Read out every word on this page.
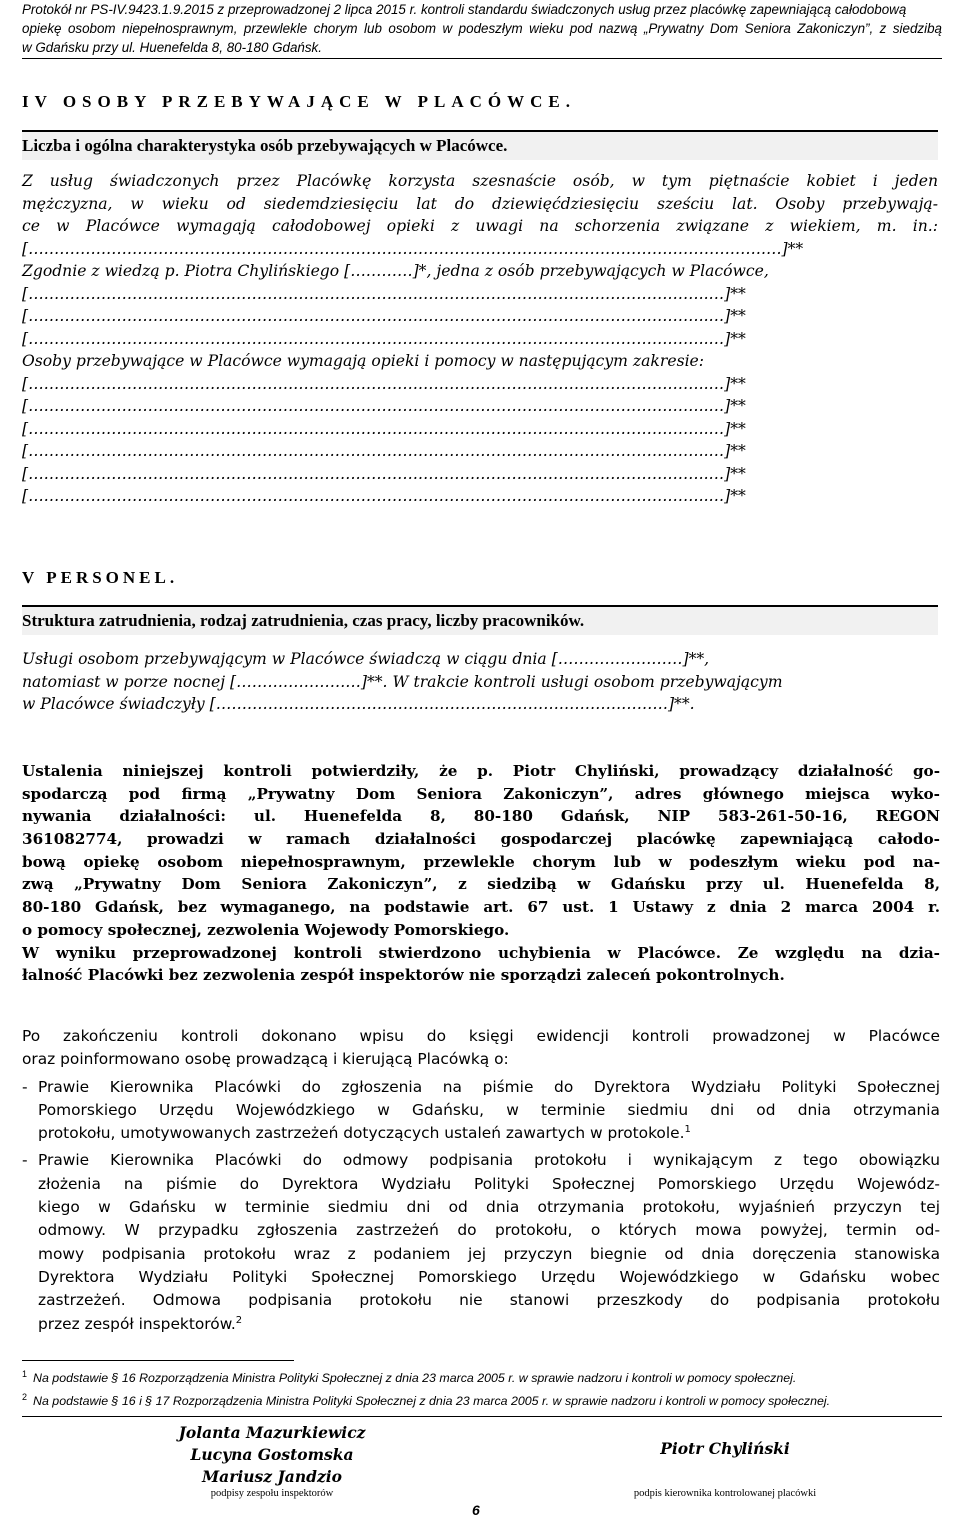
Protokół nr PS-IV.9423.1.9.2015 z przeprowadzonej 2 lipca 2015 r. kontroli standardu świadczonych usług przez placówkę zapewniającą całodobową
opiekę osobom niepełnosprawnym, przewlekle chorym lub osobom w podeszłym wieku pod nazwą „Prywatny Dom Seniora Zakoniczyn”, z siedzibą
w Gdańsku przy ul. Huenefelda 8, 80-180 Gdańsk.
IV OSOBY PRZEBYWAJĄCE W PLACÓWCE.
Liczba i ogólna charakterystyka osób przebywających w Placówce.
Z usług świadczonych przez Placówkę korzysta szesnaście osób, w tym piętnaście kobiet i jeden
mężczyzna, w wieku od siedemdziesięciu lat do dziewięćdziesięciu sześciu lat. Osoby przebywają-
ce w Placówce wymagają całodobowej opieki z uwagi na schorzenia związane z wiekiem, m. in.:
[…………………………………………………………………………………………………………………………….…]**
Zgodnie z wiedzą p. Piotra Chylińskiego […………]*, jedna z osób przebywających w Placówce,
[…………………………………………………………………………………………………………………..…]**
[…………………………………………………………………………………………………………………..…]**
[…………………………………………………………………………………………………………………..…]**
Osoby przebywające w Placówce wymagają opieki i pomocy w następującym zakresie:
[…………………………………………………………………………………………………………………..…]**
[…………………………………………………………………………………………………………………..…]**
[…………………………………………………………………………………………………………………..…]**
[…………………………………………………………………………………………………………………..…]**
[…………………………………………………………………………………………………………………..…]**
[…………………………………………………………………………………………………………………..…]**
V PERSONEL.
Struktura zatrudnienia, rodzaj zatrudnienia, czas pracy, liczby pracowników.
Usługi osobom przebywającym w Placówce świadczą w ciągu dnia [……………………]**,
natomiast w porze nocnej [……………………]**. W trakcie kontroli usługi osobom przebywającym
w Placówce świadczyły [……………………………………………………………………………]**.
Ustalenia niniejszej kontroli potwierdziły, że p. Piotr Chyliński, prowadzący działalność go-
spodarczą pod firmą „Prywatny Dom Seniora Zakoniczyn”, adres głównego miejsca wyko-
nywania działalności: ul. Huenefelda 8, 80-180 Gdańsk, NIP 583-261-50-16, REGON
361082774, prowadzi w ramach działalności gospodarczej placówkę zapewniającą całodo-
bową opiekę osobom niepełnosprawnym, przewlekle chorym lub w podeszłym wieku pod na-
zwą „Prywatny Dom Seniora Zakoniczyn”, z siedzibą w Gdańsku przy ul. Huenefelda 8,
80-180 Gdańsk, bez wymaganego, na podstawie art. 67 ust. 1 Ustawy z dnia 2 marca 2004 r.
o pomocy społecznej, zezwolenia Wojewody Pomorskiego.
W wyniku przeprowadzonej kontroli stwierdzono uchybienia w Placówce. Ze względu na dzia-
łalność Placówki bez zezwolenia zespół inspektorów nie sporządzi zaleceń pokontrolnych.
Po zakończeniu kontroli dokonano wpisu do księgi ewidencji kontroli prowadzonej w Placówce
oraz poinformowano osobę prowadzącą i kierującą Placówką o:
- Prawie Kierownika Placówki do zgłoszenia na piśmie do Dyrektora Wydziału Polityki Społecznej
Pomorskiego Urzędu Wojewódzkiego w Gdańsku, w terminie siedmiu dni od dnia otrzymania
protokołu, umotywowanych zastrzeżeń dotyczących ustaleń zawartych w protokole.$^1$
- Prawie Kierownika Placówki do odmowy podpisania protokołu i wynikającym z tego obowiązku
złożenia na piśmie do Dyrektora Wydziału Polityki Społecznej Pomorskiego Urzędu Wojewódz-
kiego w Gdańsku w terminie siedmiu dni od dnia otrzymania protokołu, wyjaśnień przyczyn tej
odmowy. W przypadku zgłoszenia zastrzeżeń do protokołu, o których mowa powyżej, termin od-
mowy podpisania protokołu wraz z podaniem jej przyczyn biegnie od dnia doręczenia stanowiska
Dyrektora Wydziału Polityki Społecznej Pomorskiego Urzędu Wojewódzkiego w Gdańsku wobec
zastrzeżeń. Odmowa podpisania protokołu nie stanowi przeszkody do podpisania protokołu
przez zespół inspektorów.$^2$
$^1$ Na podstawie § 16 Rozporządzenia Ministra Polityki Społecznej z dnia 23 marca 2005 r. w sprawie nadzoru i kontroli w pomocy społecznej.
$^2$ Na podstawie § 16 i § 17 Rozporządzenia Ministra Polityki Społecznej z dnia 23 marca 2005 r. w sprawie nadzoru i kontroli w pomocy społecznej.
Jolanta Mazurkiewicz
Lucyna Gostomska
Mariusz Jandzio
podpisy zespołu inspektorów
Piotr Chyliński
podpis kierownika kontrolowanej placówki
6
